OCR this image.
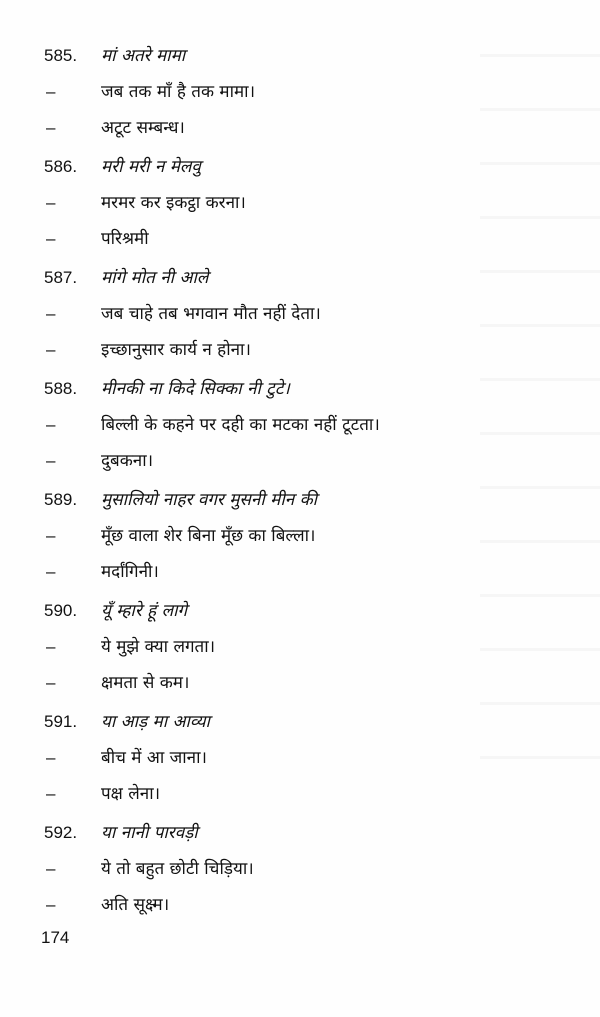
585.	मां अतरे मामा
–	जब तक माँ है तक मामा।
–	अटूट सम्बन्ध।
586.	मरी मरी न मेलवु
–	मरमर कर इकट्ठा करना।
–	परिश्रमी
587.	मांगे मोत नी आले
–	जब चाहे तब भगवान मौत नहीं देता।
–	इच्छानुसार कार्य न होना।
588.	मीनकी ना किदे सिक्का नी टुटे।
–	बिल्ली के कहने पर दही का मटका नहीं टूटता।
–	दुबकना।
589.	मुसालियो नाहर वगर मुसनी मीन की
–	मूँछ वाला शेर बिना मूँछ का बिल्ला।
–	मर्दांगिनी।
590.	यूँ म्हारे हूं लागे
–	ये मुझे क्या लगता।
–	क्षमता से कम।
591.	या आड़ मा आव्या
–	बीच में आ जाना।
–	पक्ष लेना।
592.	या नानी पारवड़ी
–	ये तो बहुत छोटी चिड़िया।
–	अति सूक्ष्म।
174
